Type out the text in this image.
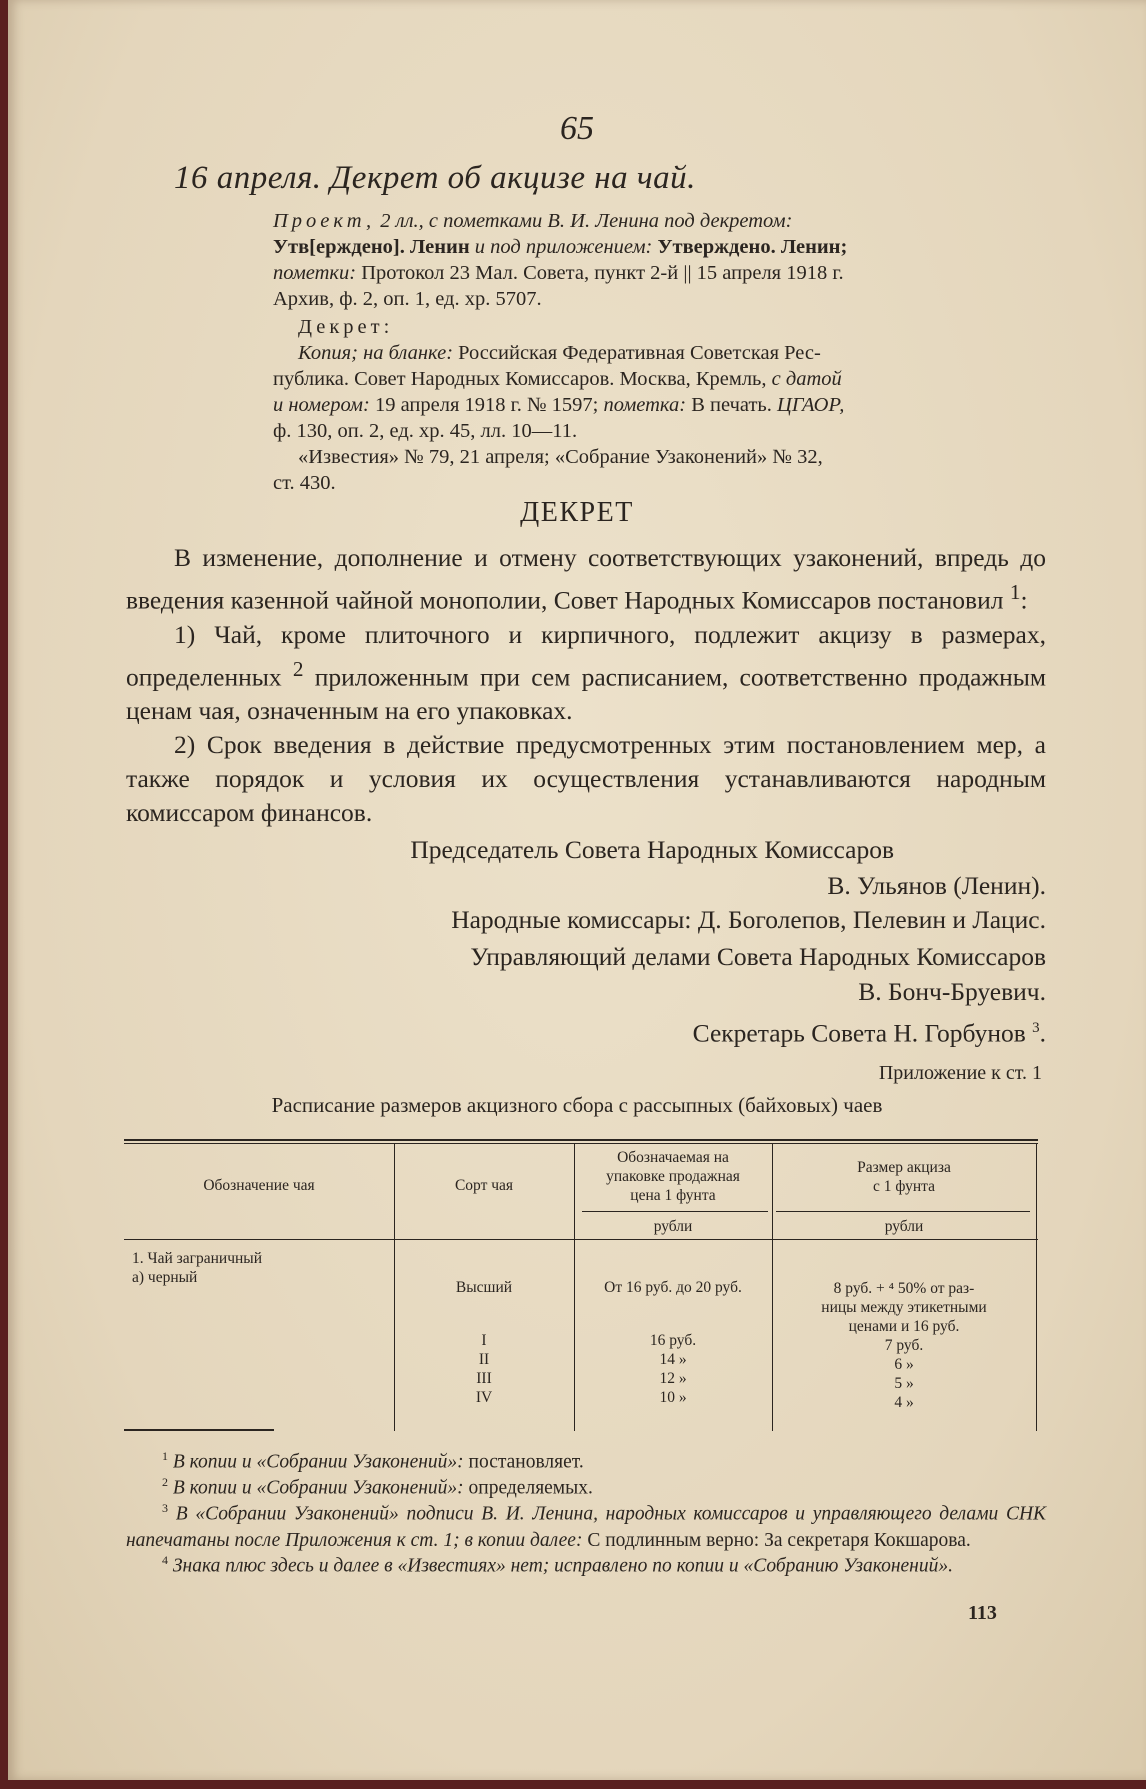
65
16 апреля. Декрет об акцизе на чай.
Проект, 2 лл., с пометками В. И. Ленина под декретом:
Утв[ерждено]. Ленин и под приложением: Утверждено. Ленин;
пометки: Протокол 23 Мал. Совета, пункт 2-й || 15 апреля 1918 г.
Архив, ф. 2, оп. 1, ед. хр. 5707.
Декрет:
Копия; на бланке: Российская Федеративная Советская Рес-
публика. Совет Народных Комиссаров. Москва, Кремль, с датой
и номером: 19 апреля 1918 г. № 1597; пометка: В печать. ЦГАОР,
ф. 130, оп. 2, ед. хр. 45, лл. 10—11.
«Известия» № 79, 21 апреля; «Собрание Узаконений» № 32,
ст. 430.
ДЕКРЕТ

В изменение, дополнение и отмену соответствующих узаконений, впредь до введения казенной чайной монополии, Совет Народных Комиссаров постановил $^1$:

1) Чай, кроме плиточного и кирпичного, подлежит акцизу в размерах, определенных $^2$ приложенным при сем расписанием, соответственно продажным ценам чая, означенным на его упаковках.

2) Срок введения в действие предусмотренных этим постановлением мер, а также порядок и условия их осуществления устанавливаются народным комиссаром финансов.

Председатель Совета Народных Комиссаров
В. Ульянов (Ленин).
Народные комиссары: Д. Боголепов, Пелевин и Лацис.
Управляющий делами Совета Народных Комиссаров
В. Бонч-Бруевич.
Секретарь Совета Н. Горбунов $^3$.
Приложение к ст. 1
Расписание размеров акцизного сбора с рассыпных (байховых) чаев
Обозначение чая	Сорт чая
Обозначаемая на
упаковке продажная
цена 1 фунта
Размер акциза
с 1 фунта
рубли	рубли
1. Чай заграничный
а) черный
Высший
I
II
III
IV
От 16 руб. до 20 руб.
16 руб.
14 »
12 »
10 »
8 руб. + ⁴ 50% от раз-
ницы между этикетными
ценами и 16 руб.
7 руб.
6 »
5 »
4 »
$^1$ В копии и «Собрании Узаконений»: постановляет.
$^2$ В копии и «Собрании Узаконений»: определяемых.
$^3$ В «Собрании Узаконений» подписи В. И. Ленина, народных комиссаров и управляющего делами СНК напечатаны после Приложения к ст. 1; в копии далее: С подлинным верно: За секретаря Кокшарова.
$^4$ Знака плюс здесь и далее в «Известиях» нет; исправлено по копии и «Собранию Узаконений».
113
